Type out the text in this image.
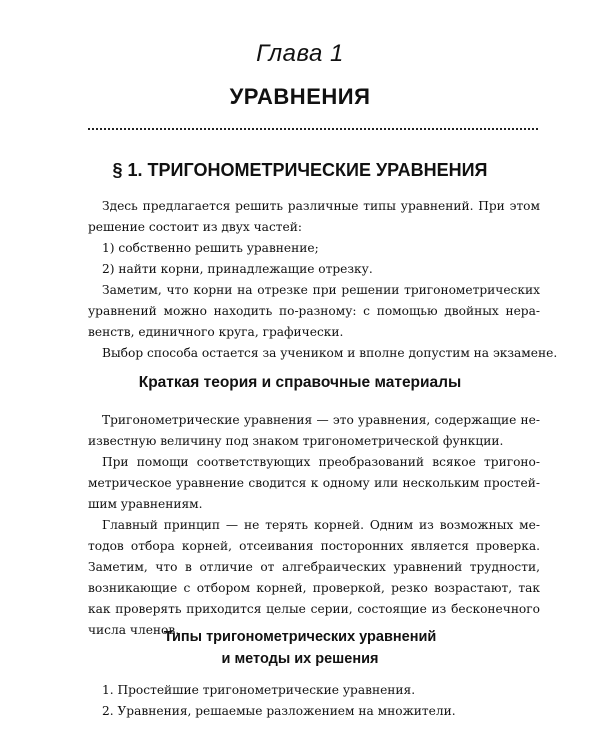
Глава 1
УРАВНЕНИЯ
§ 1. ТРИГОНОМЕТРИЧЕСКИЕ УРАВНЕНИЯ
Здесь предлагается решить различные типы уравнений. При этом
решение состоит из двух частей:
1) собственно решить уравнение;
2) найти корни, принадлежащие отрезку.
Заметим, что корни на отрезке при решении тригонометрических
уравнений можно находить по-разному: с помощью двойных нера-
венств, единичного круга, графически.
Выбор способа остается за учеником и вполне допустим на экзамене.
Краткая теория и справочные материалы
Тригонометрические уравнения — это уравнения, содержащие не-
известную величину под знаком тригонометрической функции.
При помощи соответствующих преобразований всякое тригоно-
метрическое уравнение сводится к одному или нескольким простей-
шим уравнениям.
Главный принцип — не терять корней. Одним из возможных ме-
тодов отбора корней, отсеивания посторонних является проверка.
Заметим, что в отличие от алгебраических уравнений трудности,
возникающие с отбором корней, проверкой, резко возрастают, так
как проверять приходится целые серии, состоящие из бесконечного
числа членов.
Типы тригонометрических уравнений
и методы их решения
1. Простейшие тригонометрические уравнения.
2. Уравнения, решаемые разложением на множители.
